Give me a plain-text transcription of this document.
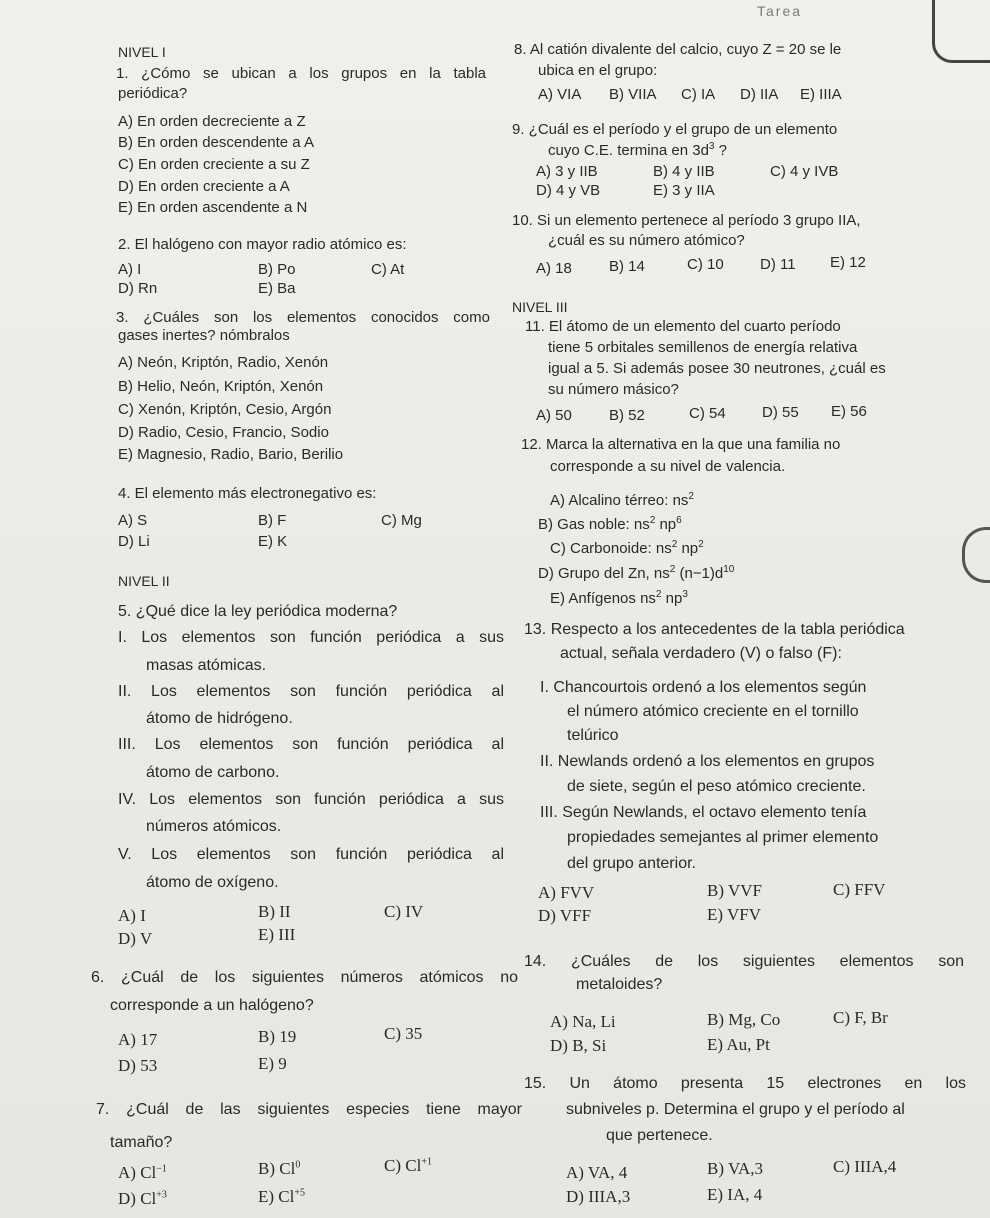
Tarea
NIVEL I
1. ¿Cómo se ubican a los grupos en la tabla
periódica?
A) En orden decreciente a Z
B) En orden descendente a A
C) En orden creciente a su Z
D) En orden creciente a A
E) En orden ascendente a N
2. El halógeno con mayor radio atómico es:
A) I	B) Po	C) At
D) Rn	E) Ba
3. ¿Cuáles son los elementos conocidos como
gases inertes? nómbralos
A) Neón, Kriptón, Radio, Xenón
B) Helio, Neón, Kriptón, Xenón
C) Xenón, Kriptón, Cesio, Argón
D) Radio, Cesio, Francio, Sodio
E) Magnesio, Radio, Bario, Berilio
4. El elemento más electronegativo es:
A) S	B) F	C) Mg
D) Li	E) K
NIVEL II
5. ¿Qué dice la ley periódica moderna?
I. Los elementos son función periódica a sus
masas atómicas.
II. Los elementos son función periódica al
átomo de hidrógeno.
III. Los elementos son función periódica al
átomo de carbono.
IV. Los elementos son función periódica a sus
números atómicos.
V. Los elementos son función periódica al
átomo de oxígeno.
A) I	B) II	C) IV
D) V	E) III
6. ¿Cuál de los siguientes números atómicos no
corresponde a un halógeno?
A) 17	B) 19	C) 35
D) 53	E) 9
7. ¿Cuál de las siguientes especies tiene mayor
tamaño?
A) $Cl^{-1}$	B) Cl$^0$	C) $Cl^{+1}$
D) $Cl^{+3}$	E) $Cl^{+5}$
8. Al catión divalente del calcio, cuyo Z = 20 se le
ubica en el grupo:
A) VIA B) VIIA C) IA D) IIA E) IIIA
9. ¿Cuál es el período y el grupo de un elemento
cuyo C.E. termina en $3d^3$ ?
A) 3 y IIB	B) 4 y IIB	C) 4 y IVB
D) 4 y VB	E) 3 y IIA
10. Si un elemento pertenece al período 3 grupo IIA,
¿cuál es su número atómico?
A) 18 B) 14	C) 10 D) 11 E) 12
NIVEL III
11. El átomo de un elemento del cuarto período
tiene 5 orbitales semillenos de energía relativa
igual a 5. Si además posee 30 neutrones, ¿cuál es
su número másico?
A) 50 B) 52	C) 54 D) 55 E) 56
12. Marca la alternativa en la que una familia no
corresponde a su nivel de valencia.
A) Alcalino térreo: $ns^2$
B) Gas noble: $ns^2$ $np^6$
C) Carbonoide: $ns^2$ $np^2$
D) Grupo del Zn, $ns^2$ $(n-1)d^{10}$
E) Anfígenos $ns^2$ $np^3$
13. Respecto a los antecedentes de la tabla periódica
actual, señala verdadero (V) o falso (F):
I. Chancourtois ordenó a los elementos según
el número atómico creciente en el tornillo
telúrico
II. Newlands ordenó a los elementos en grupos
de siete, según el peso atómico creciente.
III. Según Newlands, el octavo elemento tenía
propiedades semejantes al primer elemento
del grupo anterior.
A) FVV	B) VVF	C) FFV
D) VFF	E) VFV
14. ¿Cuáles de los siguientes elementos son
metaloides?
A) Na, Li	B) Mg, Co	C) F, Br
D) B, Si	E) Au, Pt
15. Un átomo presenta 15 electrones en los
subniveles p. Determina el grupo y el período al
que pertenece.
A) VA, 4	B) VA,3	C) IIIA,4
D) IIIA,3	E) IA, 4
